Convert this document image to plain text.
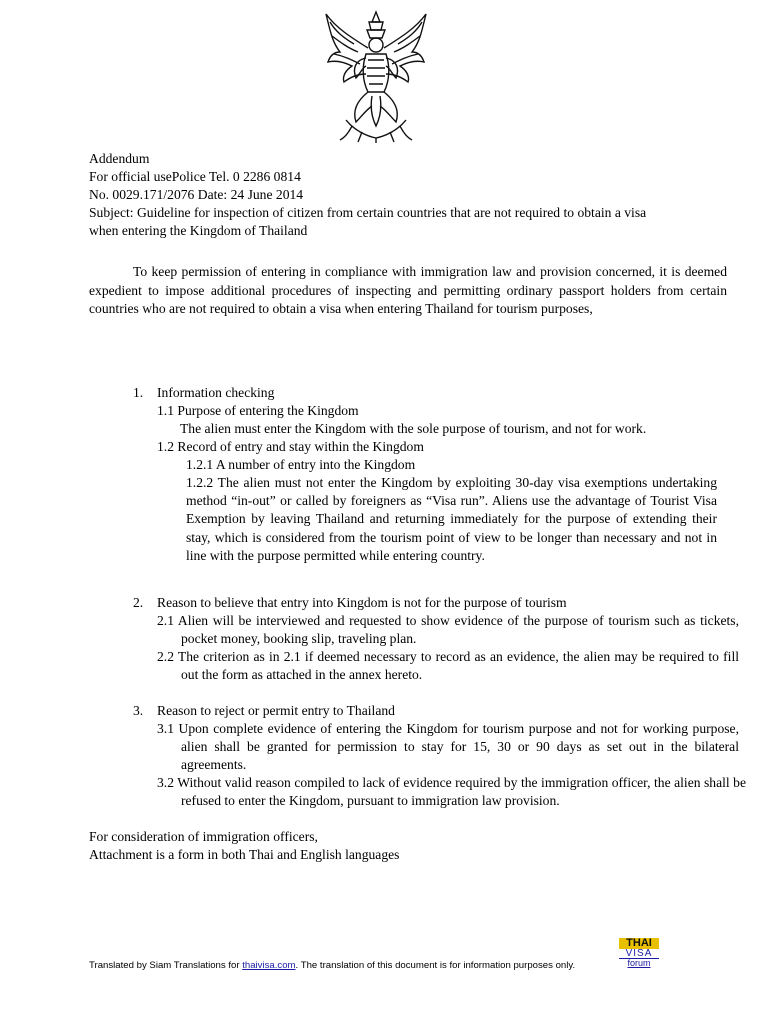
Addendum
For official usePolice Tel. 0 2286 0814
No. 0029.171/2076 Date: 24 June 2014
Subject: Guideline for inspection of citizen from certain countries that are not required to obtain a visa
when entering the Kingdom of Thailand
To keep permission of entering in compliance with immigration law and provision concerned, it is deemed expedient to impose additional procedures of inspecting and permitting ordinary passport holders from certain countries who are not required to obtain a visa when entering Thailand for tourism purposes,
1. Information checking
1.1 Purpose of entering the Kingdom
The alien must enter the Kingdom with the sole purpose of tourism, and not for work.
1.2 Record of entry and stay within the Kingdom
1.2.1 A number of entry into the Kingdom
1.2.2 The alien must not enter the Kingdom by exploiting 30-day visa exemptions undertaking method “in-out” or called by foreigners as “Visa run”. Aliens use the advantage of Tourist Visa Exemption by leaving Thailand and returning immediately for the purpose of extending their stay, which is considered from the tourism point of view to be longer than necessary and not in line with the purpose permitted while entering country.
2. Reason to believe that entry into Kingdom is not for the purpose of tourism
2.1 Alien will be interviewed and requested to show evidence of the purpose of tourism such as tickets, pocket money, booking slip, traveling plan.
2.2 The criterion as in 2.1 if deemed necessary to record as an evidence, the alien may be required to fill out the form as attached in the annex hereto.
3. Reason to reject or permit entry to Thailand
3.1 Upon complete evidence of entering the Kingdom for tourism purpose and not for working purpose, alien shall be granted for permission to stay for 15, 30 or 90 days as set out in the bilateral agreements.
3.2 Without valid reason compiled to lack of evidence required by the immigration officer, the alien shall be refused to enter the Kingdom, pursuant to immigration law provision.
For consideration of immigration officers,
Attachment is a form in both Thai and English languages
Translated by Siam Translations for thaivisa.com. The translation of this document is for information purposes only.
THAI
VISA
forum
